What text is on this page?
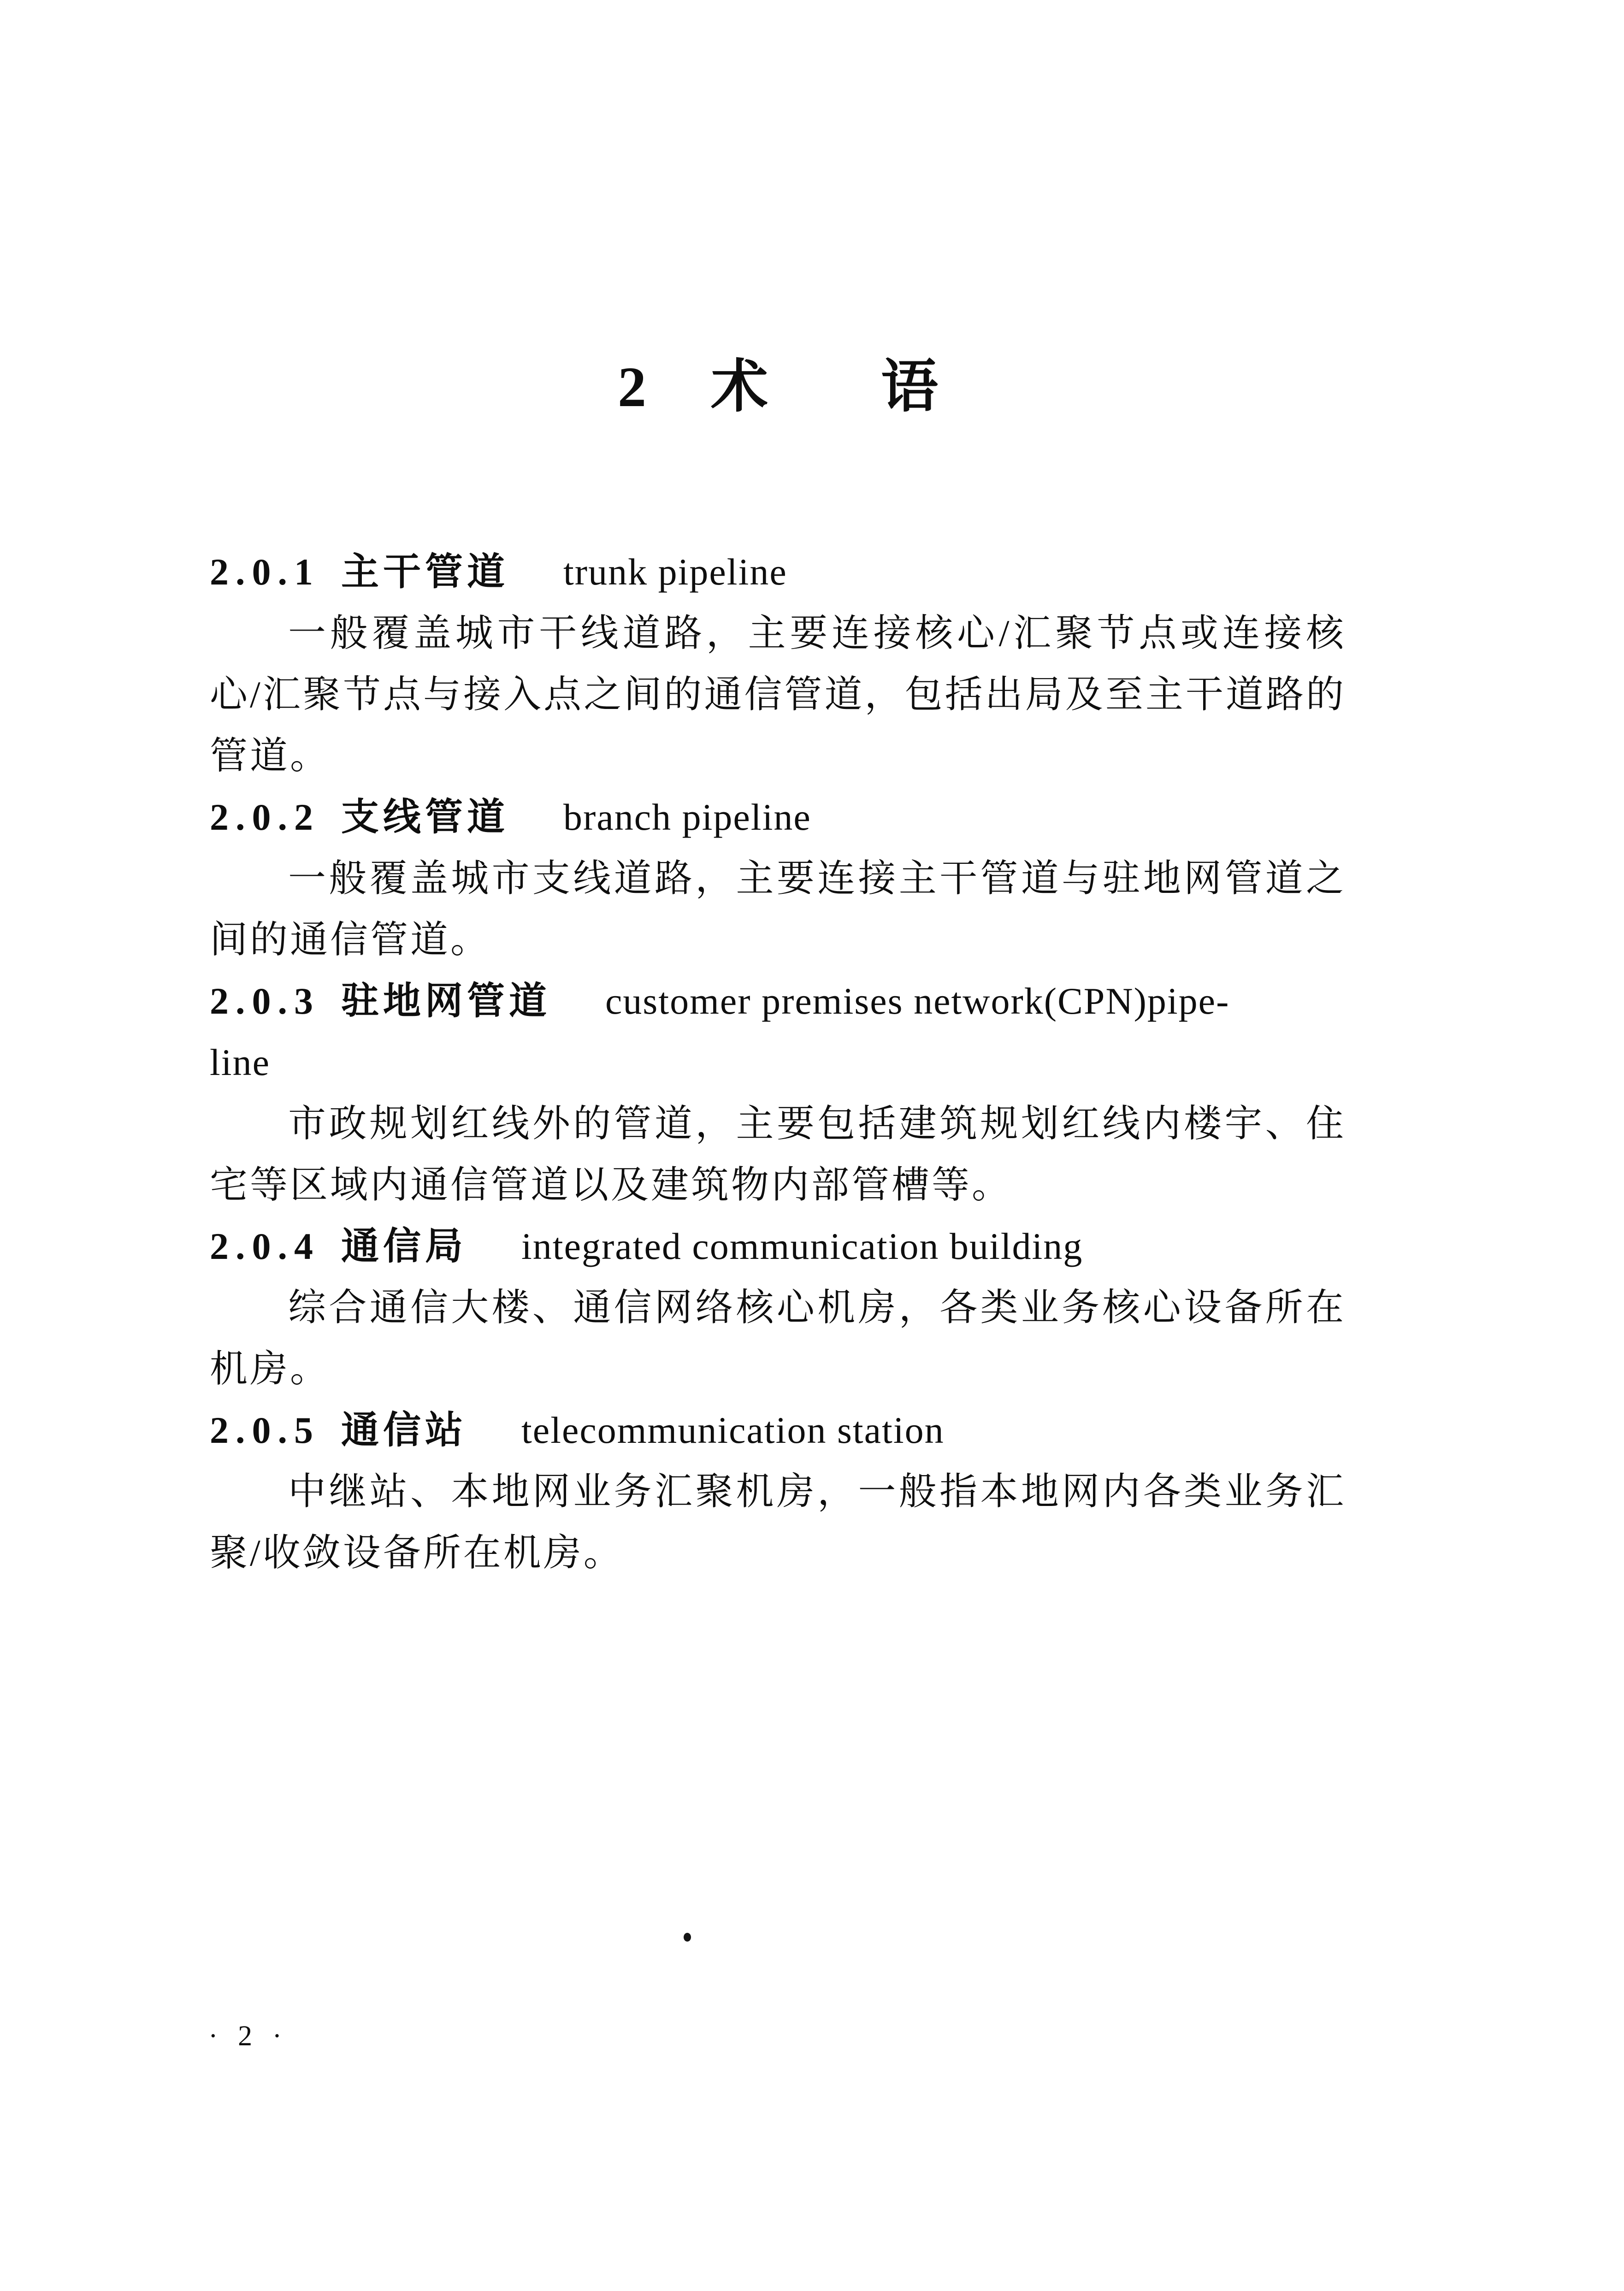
2 术 语

2.0.1 主干管道 trunk pipeline

一般覆盖城市干线道路，主要连接核心/汇聚节点或连接核心/汇聚节点与接入点之间的通信管道，包括出局及至主干道路的管道。

2.0.2 支线管道 branch pipeline

一般覆盖城市支线道路，主要连接主干管道与驻地网管道之间的通信管道。

2.0.3 驻地网管道 customer premises network(CPN)pipe-

line

市政规划红线外的管道，主要包括建筑规划红线内楼宇、住宅等区域内通信管道以及建筑物内部管槽等。

2.0.4 通信局 integrated communication building

综合通信大楼、通信网络核心机房，各类业务核心设备所在机房。

2.0.5 通信站 telecommunication station

中继站、本地网业务汇聚机房，一般指本地网内各类业务汇聚/收敛设备所在机房。

· 2 ·
